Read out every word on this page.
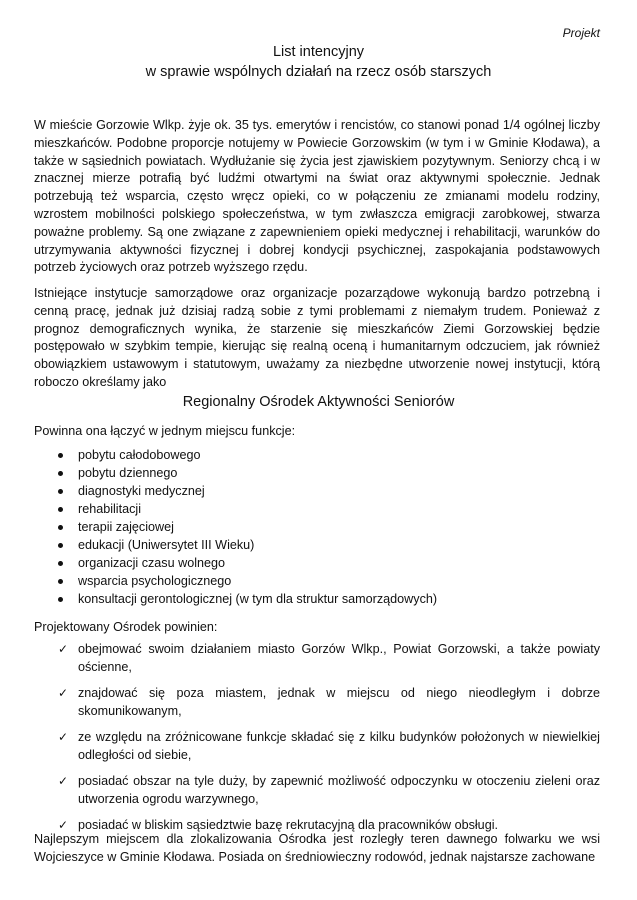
Projekt
List intencyjny
w sprawie wspólnych działań na rzecz osób starszych

W mieście Gorzowie Wlkp. żyje ok. 35 tys. emerytów i rencistów, co stanowi ponad 1/4 ogólnej liczby mieszkańców. Podobne proporcje notujemy w Powiecie Gorzowskim (w tym i w Gminie Kłodawa), a także w sąsiednich powiatach. Wydłużanie się życia jest zjawiskiem pozytywnym. Seniorzy chcą i w znacznej mierze potrafią być ludźmi otwartymi na świat oraz aktywnymi społecznie. Jednak potrzebują też wsparcia, często wręcz opieki, co w połączeniu ze zmianami modelu rodziny, wzrostem mobilności polskiego społeczeństwa, w tym zwłaszcza emigracji zarobkowej, stwarza poważne problemy. Są one związane z zapewnieniem opieki medycznej i rehabilitacji, warunków do utrzymywania aktywności fizycznej i dobrej kondycji psychicznej, zaspokajania podstawowych potrzeb życiowych oraz potrzeb wyższego rzędu.

Istniejące instytucje samorządowe oraz organizacje pozarządowe wykonują bardzo potrzebną i cenną pracę, jednak już dzisiaj radzą sobie z tymi problemami z niemałym trudem. Ponieważ z prognoz demograficznych wynika, że starzenie się mieszkańców Ziemi Gorzowskiej będzie postępowało w szybkim tempie, kierując się realną oceną i humanitarnym odczuciem, jak również obowiązkiem ustawowym i statutowym, uważamy za niezbędne utworzenie nowej instytucji, którą roboczo określamy jako

Regionalny Ośrodek Aktywności Seniorów
Powinna ona łączyć w jednym miejscu funkcje:
pobytu całodobowego
pobytu dziennego
diagnostyki medycznej
rehabilitacji
terapii zajęciowej
edukacji (Uniwersytet III Wieku)
organizacji czasu wolnego
wsparcia psychologicznego
konsultacji gerontologicznej (w tym dla struktur samorządowych)
Projektowany Ośrodek powinien:
✓ obejmować swoim działaniem miasto Gorzów Wlkp., Powiat Gorzowski, a także powiaty ościenne,
✓ znajdować się poza miastem, jednak w miejscu od niego nieodległym i dobrze skomunikowanym,
✓ ze względu na zróżnicowane funkcje składać się z kilku budynków położonych w niewielkiej odległości od siebie,
✓ posiadać obszar na tyle duży, by zapewnić możliwość odpoczynku w otoczeniu zieleni oraz utworzenia ogrodu warzywnego,
✓ posiadać w bliskim sąsiedztwie bazę rekrutacyjną dla pracowników obsługi.

Najlepszym miejscem dla zlokalizowania Ośrodka jest rozległy teren dawnego folwarku we wsi Wojcieszyce w Gminie Kłodawa. Posiada on średniowieczny rodowód, jednak najstarsze zachowane
